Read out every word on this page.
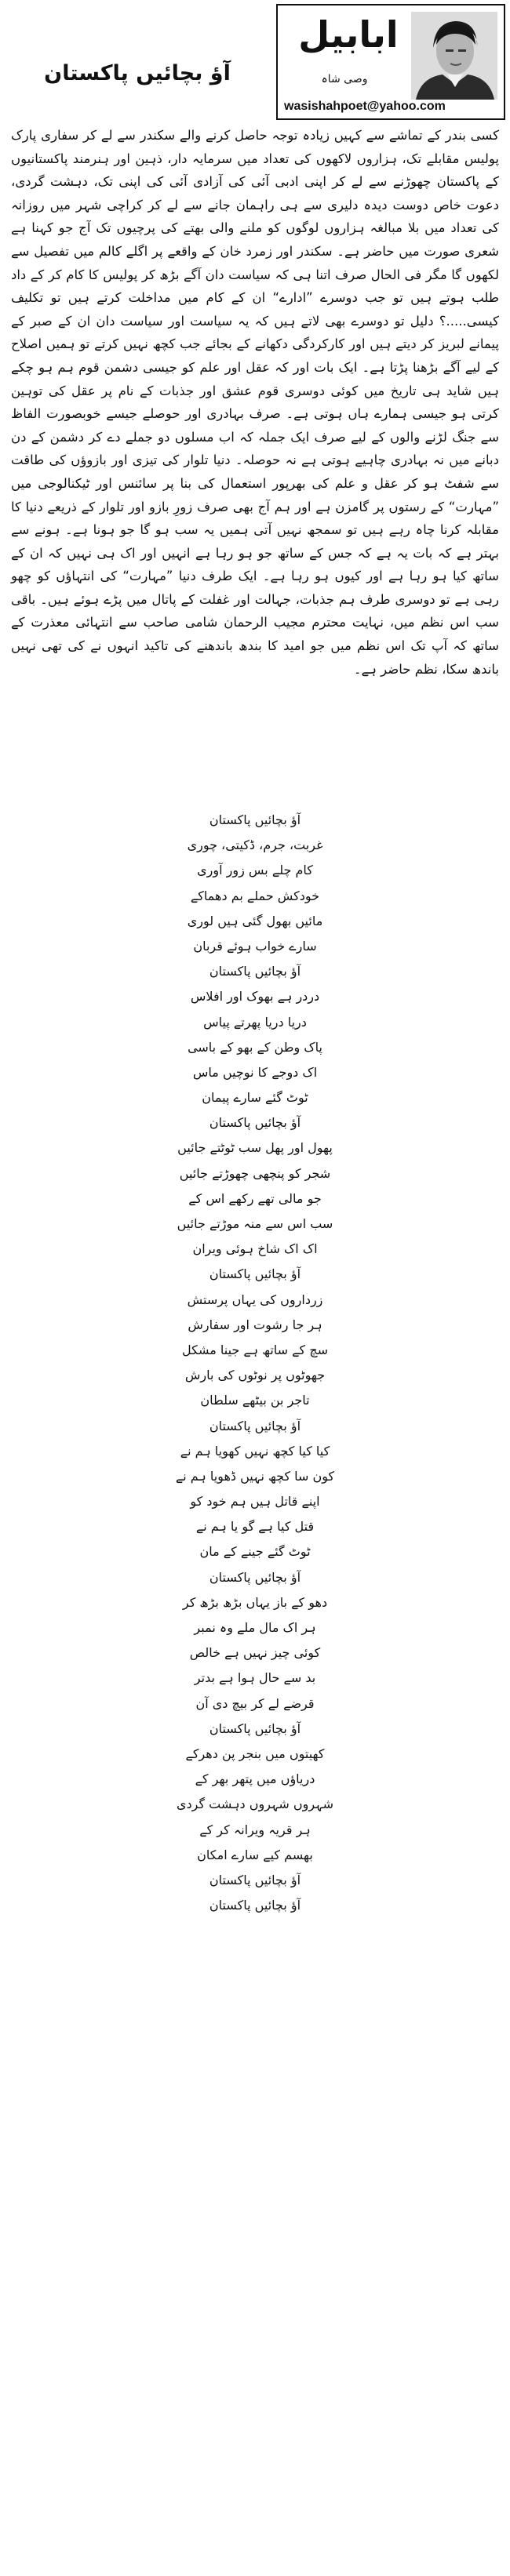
آؤ بچائیں پاکستان
ابابیل
وصی شاہ
wasishahpoet@yahoo.com

کسی بندر کے تماشے سے کہیں زیادہ توجہ حاصل کرنے والے سکندر سے لے کر سفاری پارک پولیس مقابلے تک، ہزاروں لاکھوں کی تعداد میں سرمایہ دار، ذہین اور ہنرمند پاکستانیوں کے پاکستان چھوڑنے سے لے کر اپنی ادبی آئی کی آزادی آئی کی اپنی تک، دہشت گردی، دعوت خاص دوست دیدہ دلیری سے ہی راہمان جانے سے لے کر کراچی شہر میں روزانہ کی تعداد میں بلا مبالغہ ہزاروں لوگوں کو ملنے والی بھتے کی پرچیوں تک آج جو کہنا ہے شعری صورت میں حاضر ہے۔ سکندر اور زمرد خان کے واقعے پر اگلے کالم میں تفصیل سے لکھوں گا مگر فی الحال صرف اتنا ہی کہ سیاست دان آگے بڑھ کر پولیس کا کام کر کے داد طلب ہوتے ہیں تو جب دوسرے ”ادارے“ ان کے کام میں مداخلت کرتے ہیں تو تکلیف کیسی.....؟ دلیل تو دوسرے بھی لاتے ہیں کہ یہ سیاست اور سیاست دان ان کے صبر کے پیمانے لبریز کر دیتے ہیں اور کارکردگی دکھانے کے بجائے جب کچھ نہیں کرتے تو ہمیں اصلاح کے لیے آگے بڑھنا پڑتا ہے۔ ایک بات اور کہ عقل اور علم کو جیسی دشمن قوم ہم ہو چکے ہیں شاید ہی تاریخ میں کوئی دوسری قوم عشق اور جذبات کے نام پر عقل کی توہین کرتی ہو جیسی ہمارے ہاں ہوتی ہے۔ صرف بہادری اور حوصلے جیسے خوبصورت الفاظ سے جنگ لڑنے والوں کے لیے صرف ایک جملہ کہ اب مسلوں دو جملے دے کر دشمن کے دن دبانے میں نہ بہادری چاہیے ہوتی ہے نہ حوصلہ۔ دنیا تلوار کی تیزی اور بازوؤں کی طاقت سے شفٹ ہو کر عقل و علم کی بھرپور استعمال کی بنا پر سائنس اور ٹیکنالوجی میں ”مہارت“ کے رستوں پر گامزن ہے اور ہم آج بھی صرف زورِ بازو اور تلوار کے ذریعے دنیا کا مقابلہ کرنا چاہ رہے ہیں تو سمجھ نہیں آتی ہمیں یہ سب ہو گا جو ہونا ہے۔ ہونے سے بہتر ہے کہ بات یہ ہے کہ جس کے ساتھ جو ہو رہا ہے انہیں اور اک ہی نہیں کہ ان کے ساتھ کیا ہو رہا ہے اور کیوں ہو رہا ہے۔ ایک طرف دنیا ”مہارت“ کی انتہاؤں کو چھو رہی ہے تو دوسری طرف ہم جذبات، جہالت اور غفلت کے پاتال میں پڑے ہوئے ہیں۔ باقی سب اس نظم میں، نہایت محترم مجیب الرحمان شامی صاحب سے انتہائی معذرت کے ساتھ کہ آپ تک اس نظم میں جو امید کا بندھ باندھنے کی تاکید انہوں نے کی تھی نہیں باندھ سکا، نظم حاضر ہے۔

آؤ بچائیں پاکستان
غربت، جرم، ڈکیتی، چوری
کام چلے بس زور آوری
خودکش حملے بم دھماکے
مائیں بھول گئی ہیں لوری
سارے خواب ہوئے قربان
آؤ بچائیں پاکستان
دردر ہے بھوک اور افلاس
دریا دریا پھرتے پیاس
پاک وطن کے بھو کے باسی
اک دوجے کا نوچیں ماس
ٹوٹ گئے سارے پیمان
آؤ بچائیں پاکستان
پھول اور پھل سب ٹوٹتے جائیں
شجر کو پنچھی چھوڑتے جائیں
جو مالی تھے رکھے اس کے
سب اس سے منہ موڑتے جائیں
اک اک شاخ ہوئی ویران
آؤ بچائیں پاکستان
زرداروں کی یہاں پرستش
ہر جا رشوت اور سفارش
سچ کے ساتھ ہے جینا مشکل
جھوٹوں پر نوٹوں کی بارش
تاجر بن بیٹھے سلطان
آؤ بچائیں پاکستان
کیا کیا کچھ نہیں کھویا ہم نے
کون سا کچھ نہیں ڈھویا ہم نے
اپنے قاتل ہیں ہم خود کو
قتل کیا ہے گو یا ہم نے
ٹوٹ گئے جینے کے مان
آؤ بچائیں پاکستان
دھو کے باز یہاں بڑھ بڑھ کر
ہر اک مال ملے وہ نمبر
کوئی چیز نہیں ہے خالص
بد سے حال ہوا ہے بدتر
قرضے لے کر بیچ دی آن
آؤ بچائیں پاکستان
کھیتوں میں بنجر پن دھرکے
دریاؤں میں پتھر بھر کے
شہروں شہروں دہشت گردی
ہر قریہ ویرانہ کر کے
بھسم کیے سارے امکان
آؤ بچائیں پاکستان
آؤ بچائیں پاکستان
